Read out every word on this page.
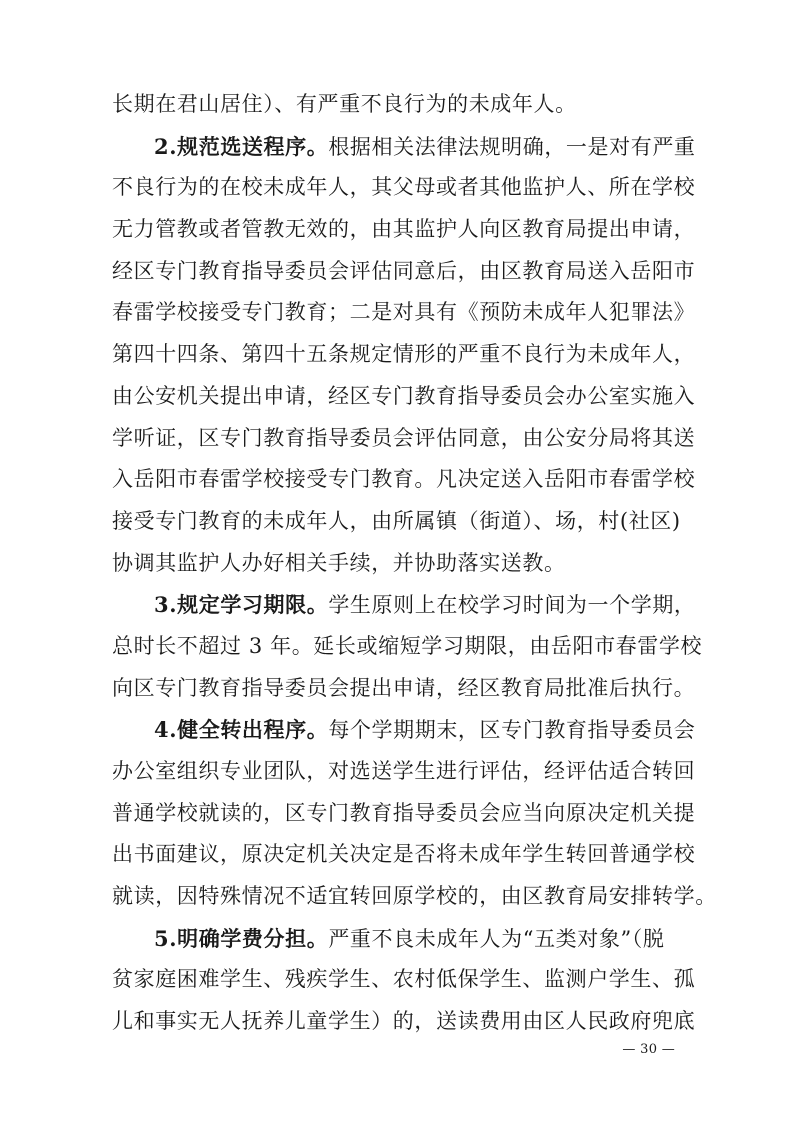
长期在君山居住）、有严重不良行为的未成年人。
2.规范选送程序。根据相关法律法规明确，一是对有严重
不良行为的在校未成年人，其父母或者其他监护人、所在学校
无力管教或者管教无效的，由其监护人向区教育局提出申请，
经区专门教育指导委员会评估同意后，由区教育局送入岳阳市
春雷学校接受专门教育；二是对具有《预防未成年人犯罪法》
第四十四条、第四十五条规定情形的严重不良行为未成年人，
由公安机关提出申请，经区专门教育指导委员会办公室实施入
学听证，区专门教育指导委员会评估同意，由公安分局将其送
入岳阳市春雷学校接受专门教育。凡决定送入岳阳市春雷学校
接受专门教育的未成年人，由所属镇（街道）、场，村(社区)
协调其监护人办好相关手续，并协助落实送教。
3.规定学习期限。学生原则上在校学习时间为一个学期，
总时长不超过 3 年。延长或缩短学习期限，由岳阳市春雷学校
向区专门教育指导委员会提出申请，经区教育局批准后执行。
4.健全转出程序。每个学期期末，区专门教育指导委员会
办公室组织专业团队，对选送学生进行评估，经评估适合转回
普通学校就读的，区专门教育指导委员会应当向原决定机关提
出书面建议，原决定机关决定是否将未成年学生转回普通学校
就读，因特殊情况不适宜转回原学校的，由区教育局安排转学。
5.明确学费分担。严重不良未成年人为“五类对象”（脱
贫家庭困难学生、残疾学生、农村低保学生、监测户学生、孤
儿和事实无人抚养儿童学生）的，送读费用由区人民政府兜底
— 30 —
